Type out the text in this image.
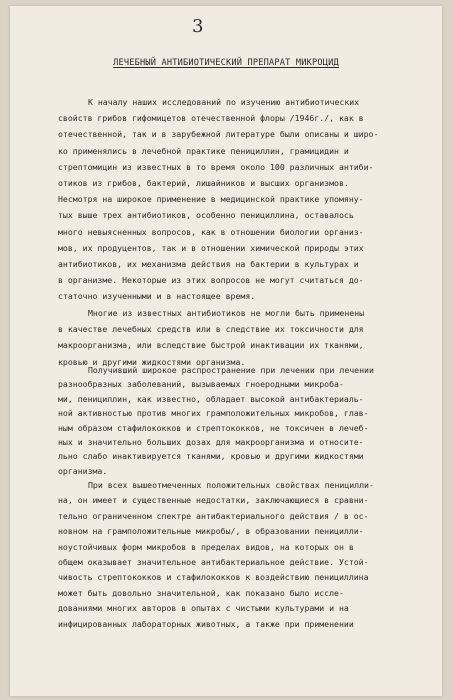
3
ЛЕЧЕБНЫЙ АНТИБИОТИЧЕСКИЙ ПРЕПАРАТ МИКРОЦИД
К началу наших исследований по изучению антибиотических
свойств грибов гифомицетов отечественной флоры /1946г./, как в
отечественной, так и в зарубежной литературе были описаны и широ-
ко применялись в лечебной практике пенициллин, грамицидин и
стрептомицин из известных в то время около 100 различных антиби-
отиков из грибов, бактерий, лишайников и высших организмов.
Несмотря на широкое применение в медицинской практике упомяну-
тых выше трех антибиотиков, особенно пенициллина, оставалось
много невыясненных вопросов, как в отношении биологии организ-
мов, их продуцентов, так и в отношении химической природы этих
антибиотиков, их механизма действия на бактерии в культурах и
в организме. Некоторые из этих вопросов не могут считаться до-
статочно изученными и в настоящее время.
Многие из известных антибиотиков не могли быть применены
в качестве лечебных средств или в следствие их токсичности для
макроорганизма, или вследствие быстрой инактивации их тканями,
кровью и другими жидкостями организма.
Получивший широкое распространение при лечении при лечении
разнообразных заболеваний, вызываемых гноеродными микроба-
ми, пенициллин, как известно, обладает высокой антибактериаль-
ной активностью против многих грамположительных микробов, глав-
ным образом стафилококков и стрептококков, не токсичен в лечеб-
ных и значительно больших дозах для макроорганизма и относите-
льно слабо инактивируется тканями, кровью и другими жидкостями
организма.
При всех вышеотмеченных положительных свойствах пеницилли-
на, он имеет и существенные недостатки, заключающиеся в сравни-
тельно ограниченном спектре антибактериального действия / в ос-
новном на грамположительные микробы/, в образовании пеницилли-
ноустойчивых форм микробов в пределах видов, на которых он в
общем оказывает значительное антибактериальное действие. Устой-
чивость стрептококков и стафилококков к воздействию пенициллина
может быть довольно значительной, как показано было иссле-
дованиями многих авторов в опытах с чистыми культурами и на
инфицированных лабораторных животных, а также при применении
